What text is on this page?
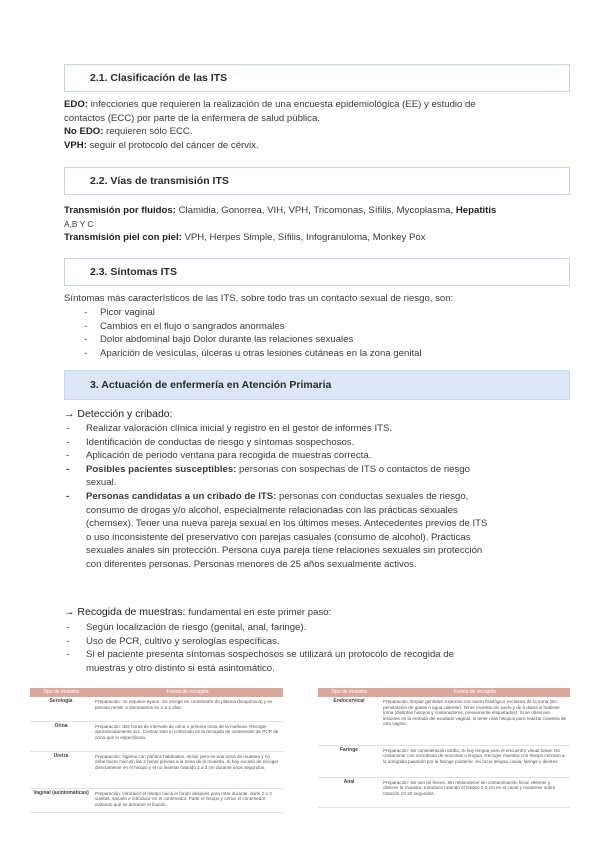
2.1. Clasificación de las ITS
EDO: infecciones que requieren la realización de una encuesta epidemiológica (EE) y estudio de
contactos (ECC) por parte de la enfermera de salud pública.
No EDO: requieren sólo ECC.
VPH: seguir el protocolo del cáncer de cérvix.
2.2. Vías de transmisión ITS
Transmisión por fluidos: Clamidia, Gonorrea, VIH, VPH, Tricomonas, Sífilis, Mycoplasma, Hepatitis
A,B Y C
Transmisión piel con piel: VPH, Herpes Simple, Sífilis, Infogranuloma, Monkey Pox
2.3. Síntomas ITS
Síntomas más característicos de las ITS, sobre todo tras un contacto sexual de riesgo, son:
- Picor vaginal
- Cambios en el flujo o sangrados anormales
- Dolor abdominal bajo Dolor durante las relaciones sexuales
- Aparición de vesículas, úlceras u otras lesiones cutáneas en la zona genital
3. Actuación de enfermería en Atención Primaria
→ Detección y cribado:
- Realizar valoración clínica inicial y registro en el gestor de informes ITS.
- Identificación de conductas de riesgo y síntomas sospechosos.
- Aplicación de periodo ventana para recogida de muestras correcta.
- Posibles pacientes susceptibles: personas con sospechas de ITS o contactos de riesgo
sexual.
- Personas candidatas a un cribado de ITS: personas con conductas sexuales de riesgo,
consumo de drogas y/o alcohol, especialmente relacionadas con las prácticas sexuales
(chemsex). Tener una nueva pareja sexual en los últimos meses. Antecedentes previos de ITS
o uso inconsistente del preservativo con parejas casuales (consumo de alcohol). Prácticas
sexuales anales sin protección. Persona cuya pareja tiene relaciones sexuales sin protección
con diferentes personas. Personas menores de 25 años sexualmente activos.
→ Recogida de muestras: fundamental en este primer paso:
- Según localización de riesgo (genital, anal, faringe).
- Uso de PCR, cultivo y serologías específicas.
- Si el paciente presenta síntomas sospechosos se utilizará un protocolo de recogida de
muestras y otro distinto si está asintomático.
Tipo de muestra	Forma de recogida
Serología	Preparación: no requiere ayuno. Se recoge en contenedor de plasma (bioquímica) y se precisa remitir a laboratorios en 1 a 2 días.
Orina	Preparación: dos horas de intervalo de orina o primera orina de la mañana. Recoger aproximadamente 3cc. Centrar solo el contenido en la recogida de contenedor de PCR de orina que lo especificara.
Uretra	Preparación: higiene con pañitos habituales, incluir pero es una toma de muestra y no debe hacer micción las 2 horas previas a la toma de la muestra. Si hay exceso de recoger directamente en el hisopo y el no insertar rotando 2 a 3 cm durante unos segundos.
Vaginal (asintomáticas)	Preparación: introducir el hisopo hacia el fondo después para rotar durante, darle 2 a 3 vueltas, sacarlo e introducir en el contenedor. Partir el hisopo y cerrar el contenedor evitando que se derrame el líquido.
Tipo de muestra	Forma de recogida
Endocervical	Preparación: limpiar genitales externos con suero fisiológico exclusivo de la toma (sin penetración de gasas o agua caliente). Tener muestra de suelo y de 6 datos si hubiese toma (distintos hisopos y contenedores, previamente etiquetados). Si se observan lesiones en la entrada del exudado vaginal, el tener más hisopos para realizar muestra de otra vagina.
Faringe	Preparación: sin consideración tardía. Si hay lengua para el encuentro visual basal. No contaminar con microbiota de mucosas o lengua. Recoger muestra con hisopo cercano a la amígdala pasando por la faringe posterior, sin tocar lengua, úvula, faringe y dientes.
Anal	Preparación: sin uso de heces. Sin reblandecer sin contaminación fecal, detener y obtener la muestra. Introducir rotando el hisopo 2-3 cm en el canal y mantener sobre rotación 10-30 segundos.
